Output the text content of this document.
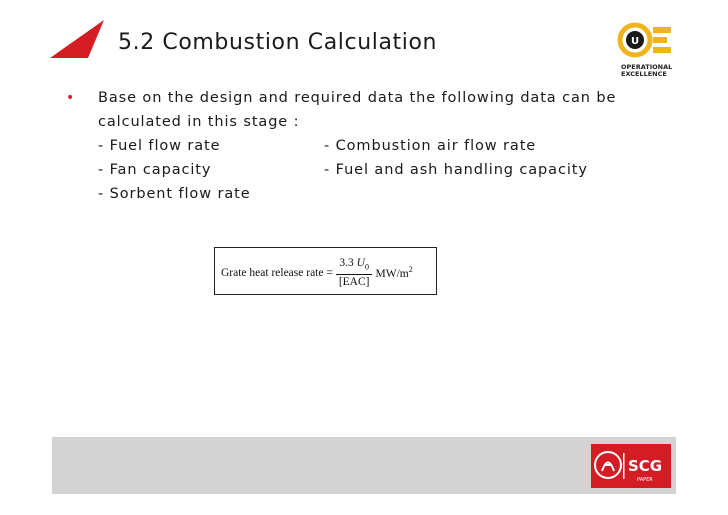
5.2 Combustion Calculation	U
OPERATIONAL
EXCELLENCE
•	Base on the design and required data the following data can be calculated in this stage :
- Fuel flow rate	- Combustion air flow rate
- Fan capacity	- Fuel and ash handling capacity
- Sorbent flow rate
Grate heat release rate = $\frac{3.3 U_0}{\text{[EAC]}} MW/m^2$
SCG
PAPER
